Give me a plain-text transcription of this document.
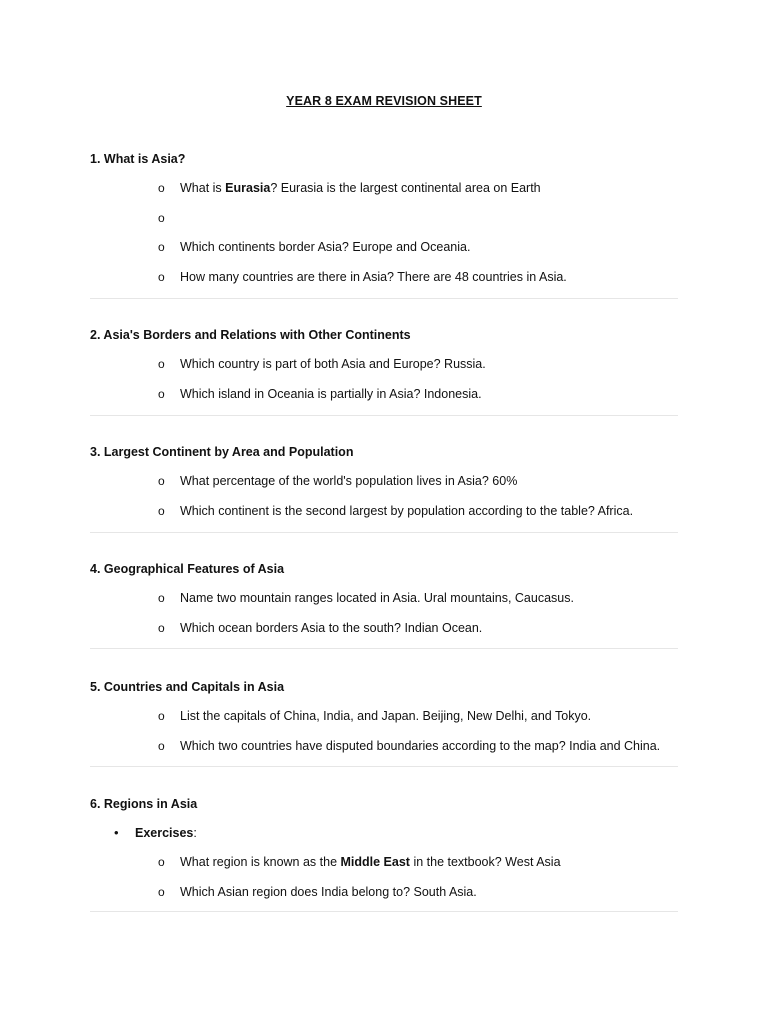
YEAR 8 EXAM REVISION SHEET
1. What is Asia?
o What is Eurasia? Eurasia is the largest continental area on Earth
o
o Which continents border Asia? Europe and Oceania.
o How many countries are there in Asia? There are 48 countries in Asia.
2. Asia's Borders and Relations with Other Continents
o Which country is part of both Asia and Europe? Russia.
o Which island in Oceania is partially in Asia? Indonesia.
3. Largest Continent by Area and Population
o What percentage of the world's population lives in Asia? 60%
o Which continent is the second largest by population according to the table? Africa.
4. Geographical Features of Asia
o Name two mountain ranges located in Asia. Ural mountains, Caucasus.
o Which ocean borders Asia to the south? Indian Ocean.
5. Countries and Capitals in Asia
o List the capitals of China, India, and Japan. Beijing, New Delhi, and Tokyo.
o Which two countries have disputed boundaries according to the map? India and China.
6. Regions in Asia
• Exercises:
o What region is known as the Middle East in the textbook? West Asia
o Which Asian region does India belong to? South Asia.
